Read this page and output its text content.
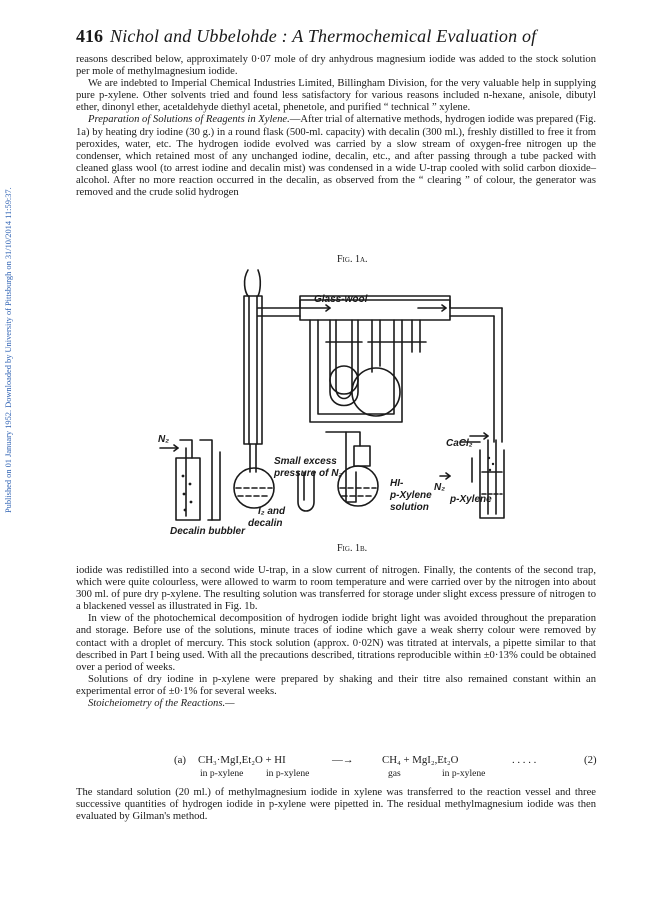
Published on 01 January 1952. Downloaded by University of Pittsburgh on 31/10/2014 11:59:37.
416 Nichol and Ubbelohde : A Thermochemical Evaluation of

reasons described below, approximately 0·07 mole of dry anhydrous magnesium iodide was added to the stock solution per mole of methylmagnesium iodide.

We are indebted to Imperial Chemical Industries Limited, Billingham Division, for the very valuable help in supplying pure p-xylene. Other solvents tried and found less satisfactory for various reasons included n-hexane, anisole, dibutyl ether, dinonyl ether, acetaldehyde diethyl acetal, phenetole, and purified “ technical ” xylene.

Preparation of Solutions of Reagents in Xylene.—After trial of alternative methods, hydrogen iodide was prepared (Fig. 1a) by heating dry iodine (30 g.) in a round flask (500-ml. capacity) with decalin (300 ml.), freshly distilled to free it from peroxides, water, etc. The hydrogen iodide evolved was carried by a slow stream of oxygen-free nitrogen up the condenser, which retained most of any unchanged iodine, decalin, etc., and after passing through a tube packed with cleaned glass wool (to arrest iodine and decalin mist) was condensed in a wide U-trap cooled with solid carbon dioxide–alcohol. After no more reaction occurred in the decalin, as observed from the “ clearing ” of colour, the generator was removed and the crude solid hydrogen

Fig. 1a.
Glass-wool
N₂	CaCl₂
Small excess
pressure of N₂
N₂
HI-
p-Xylene
solution
p-Xylene
I₂ and
decalin
Decalin bubbler
Fig. 1b.

iodide was redistilled into a second wide U-trap, in a slow current of nitrogen. Finally, the contents of the second trap, which were quite colourless, were allowed to warm to room temperature and were carried over by the nitrogen into about 300 ml. of pure dry p-xylene. The resulting solution was transferred for storage under slight excess pressure of nitrogen to a blackened vessel as illustrated in Fig. 1b.

In view of the photochemical decomposition of hydrogen iodide bright light was avoided throughout the preparation and storage. Before use of the solutions, minute traces of iodine which gave a weak sherry colour were removed by contact with a droplet of mercury. This stock solution (approx. 0·02N) was titrated at intervals, a pipette similar to that described in Part I being used. With all the precautions described, titrations reproducible within ±0·13% could be obtained over a period of weeks.

Solutions of dry iodine in p-xylene were prepared by shaking and their titre also remained constant within an experimental error of ±0·1% for several weeks.

Stoicheiometry of the Reactions.—

(a) CH₃·MgI,Et₂O + HI	—→	CH₄ + MgI₂,Et₂O	. . . . .	(2)
in p-xylene in p-xylene	gas	in p-xylene

The standard solution (20 ml.) of methylmagnesium iodide in xylene was transferred to the reaction vessel and three successive quantities of hydrogen iodide in p-xylene were pipetted in. The residual methylmagnesium iodide was then evaluated by Gilman's method.
